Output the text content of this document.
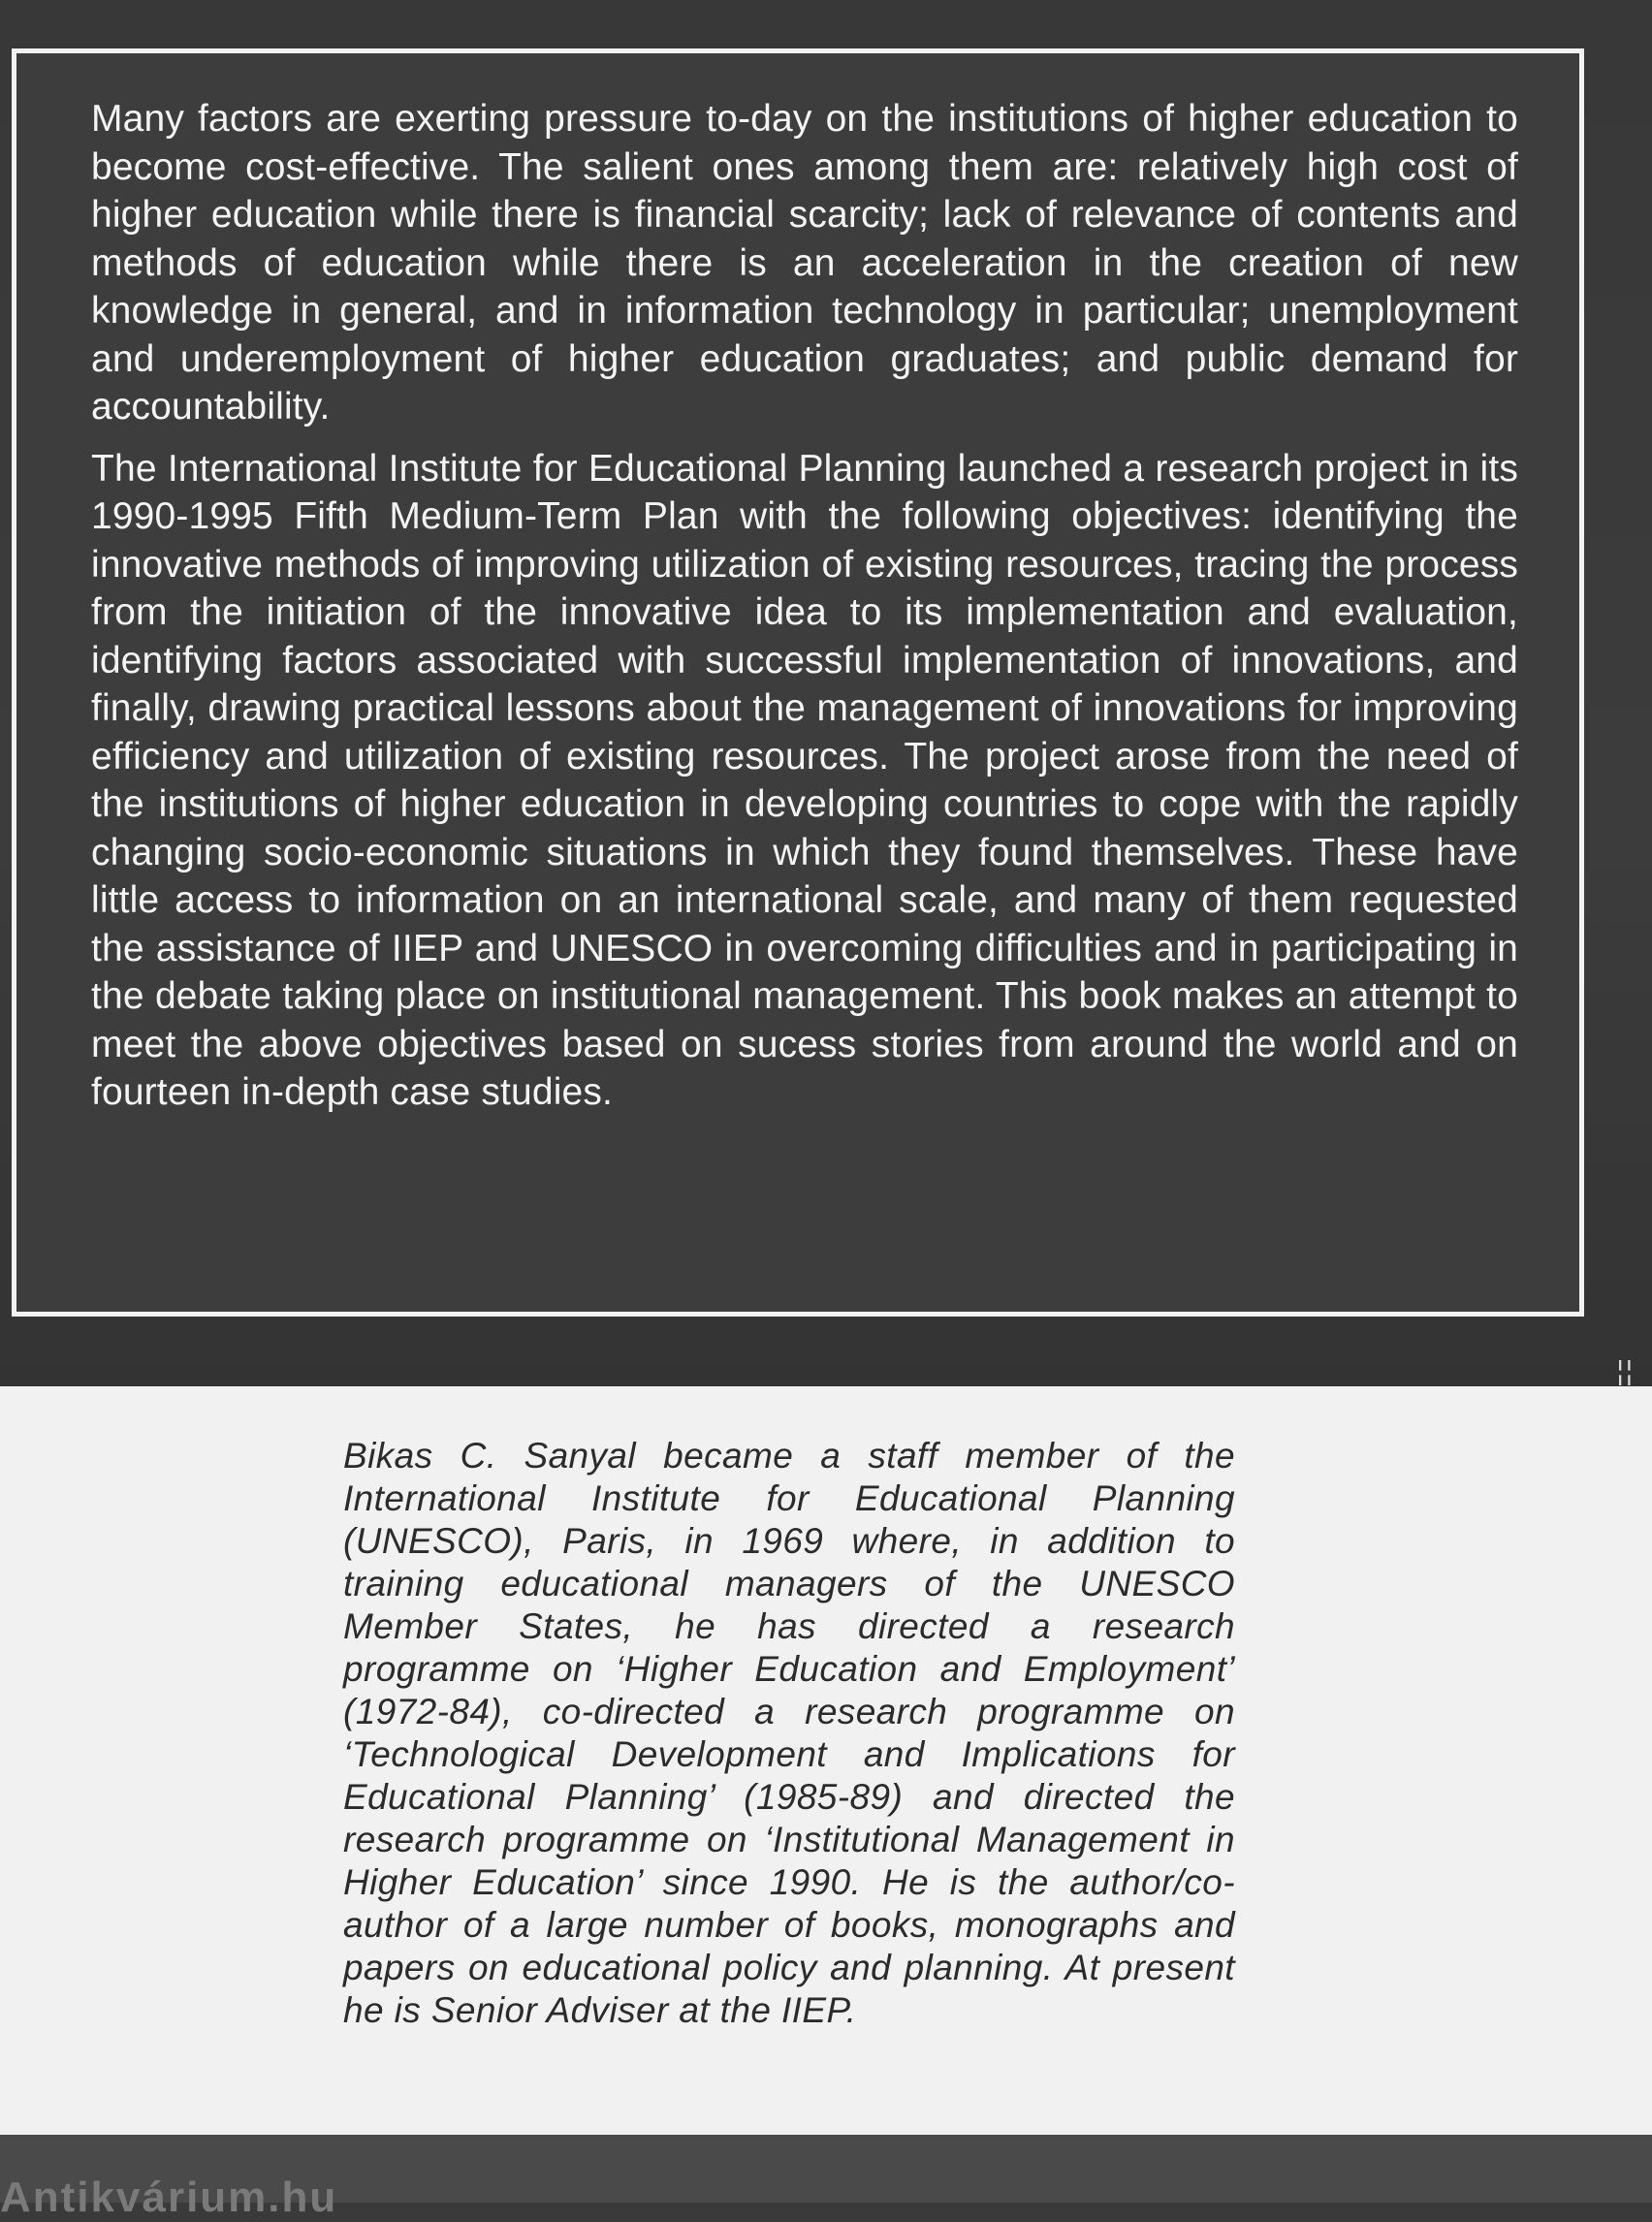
Many factors are exerting pressure to-day on the institutions of higher education to become cost-effective. The salient ones among them are: relatively high cost of higher education while there is financial scarcity; lack of relevance of contents and methods of education while there is an acceleration in the creation of new knowledge in general, and in information technology in particular; unemployment and underemployment of higher education graduates; and public demand for accountability.

The International Institute for Educational Planning launched a research project in its 1990-1995 Fifth Medium-Term Plan with the following objectives: identifying the innovative methods of improving utilization of existing resources, tracing the process from the initiation of the innovative idea to its implementation and evaluation, identifying factors associated with successful implementation of innovations, and finally, drawing practical lessons about the management of innovations for improving efficiency and utilization of existing resources. The project arose from the need of the institutions of higher education in developing countries to cope with the rapidly changing socio-economic situations in which they found themselves. These have little access to information on an international scale, and many of them requested the assistance of IIEP and UNESCO in overcoming difficulties and in participating in the debate taking place on institutional management. This book makes an attempt to meet the above objectives based on sucess stories from around the world and on fourteen in-depth case studies.

¦¦
Bikas C. Sanyal became a staff member of the International Institute for Educational Planning (UNESCO), Paris, in 1969 where, in addition to training educational managers of the UNESCO Member States, he has directed a research programme on ‘Higher Education and Employment’ (1972-84), co-directed a research programme on ‘Technological Development and Implications for Educational Planning’ (1985-89) and directed the research programme on ‘Institutional Management in Higher Education’ since 1990. He is the author/co-author of a large number of books, monographs and papers on educational policy and planning. At present he is Senior Adviser at the IIEP.
Antikvárium.hu
